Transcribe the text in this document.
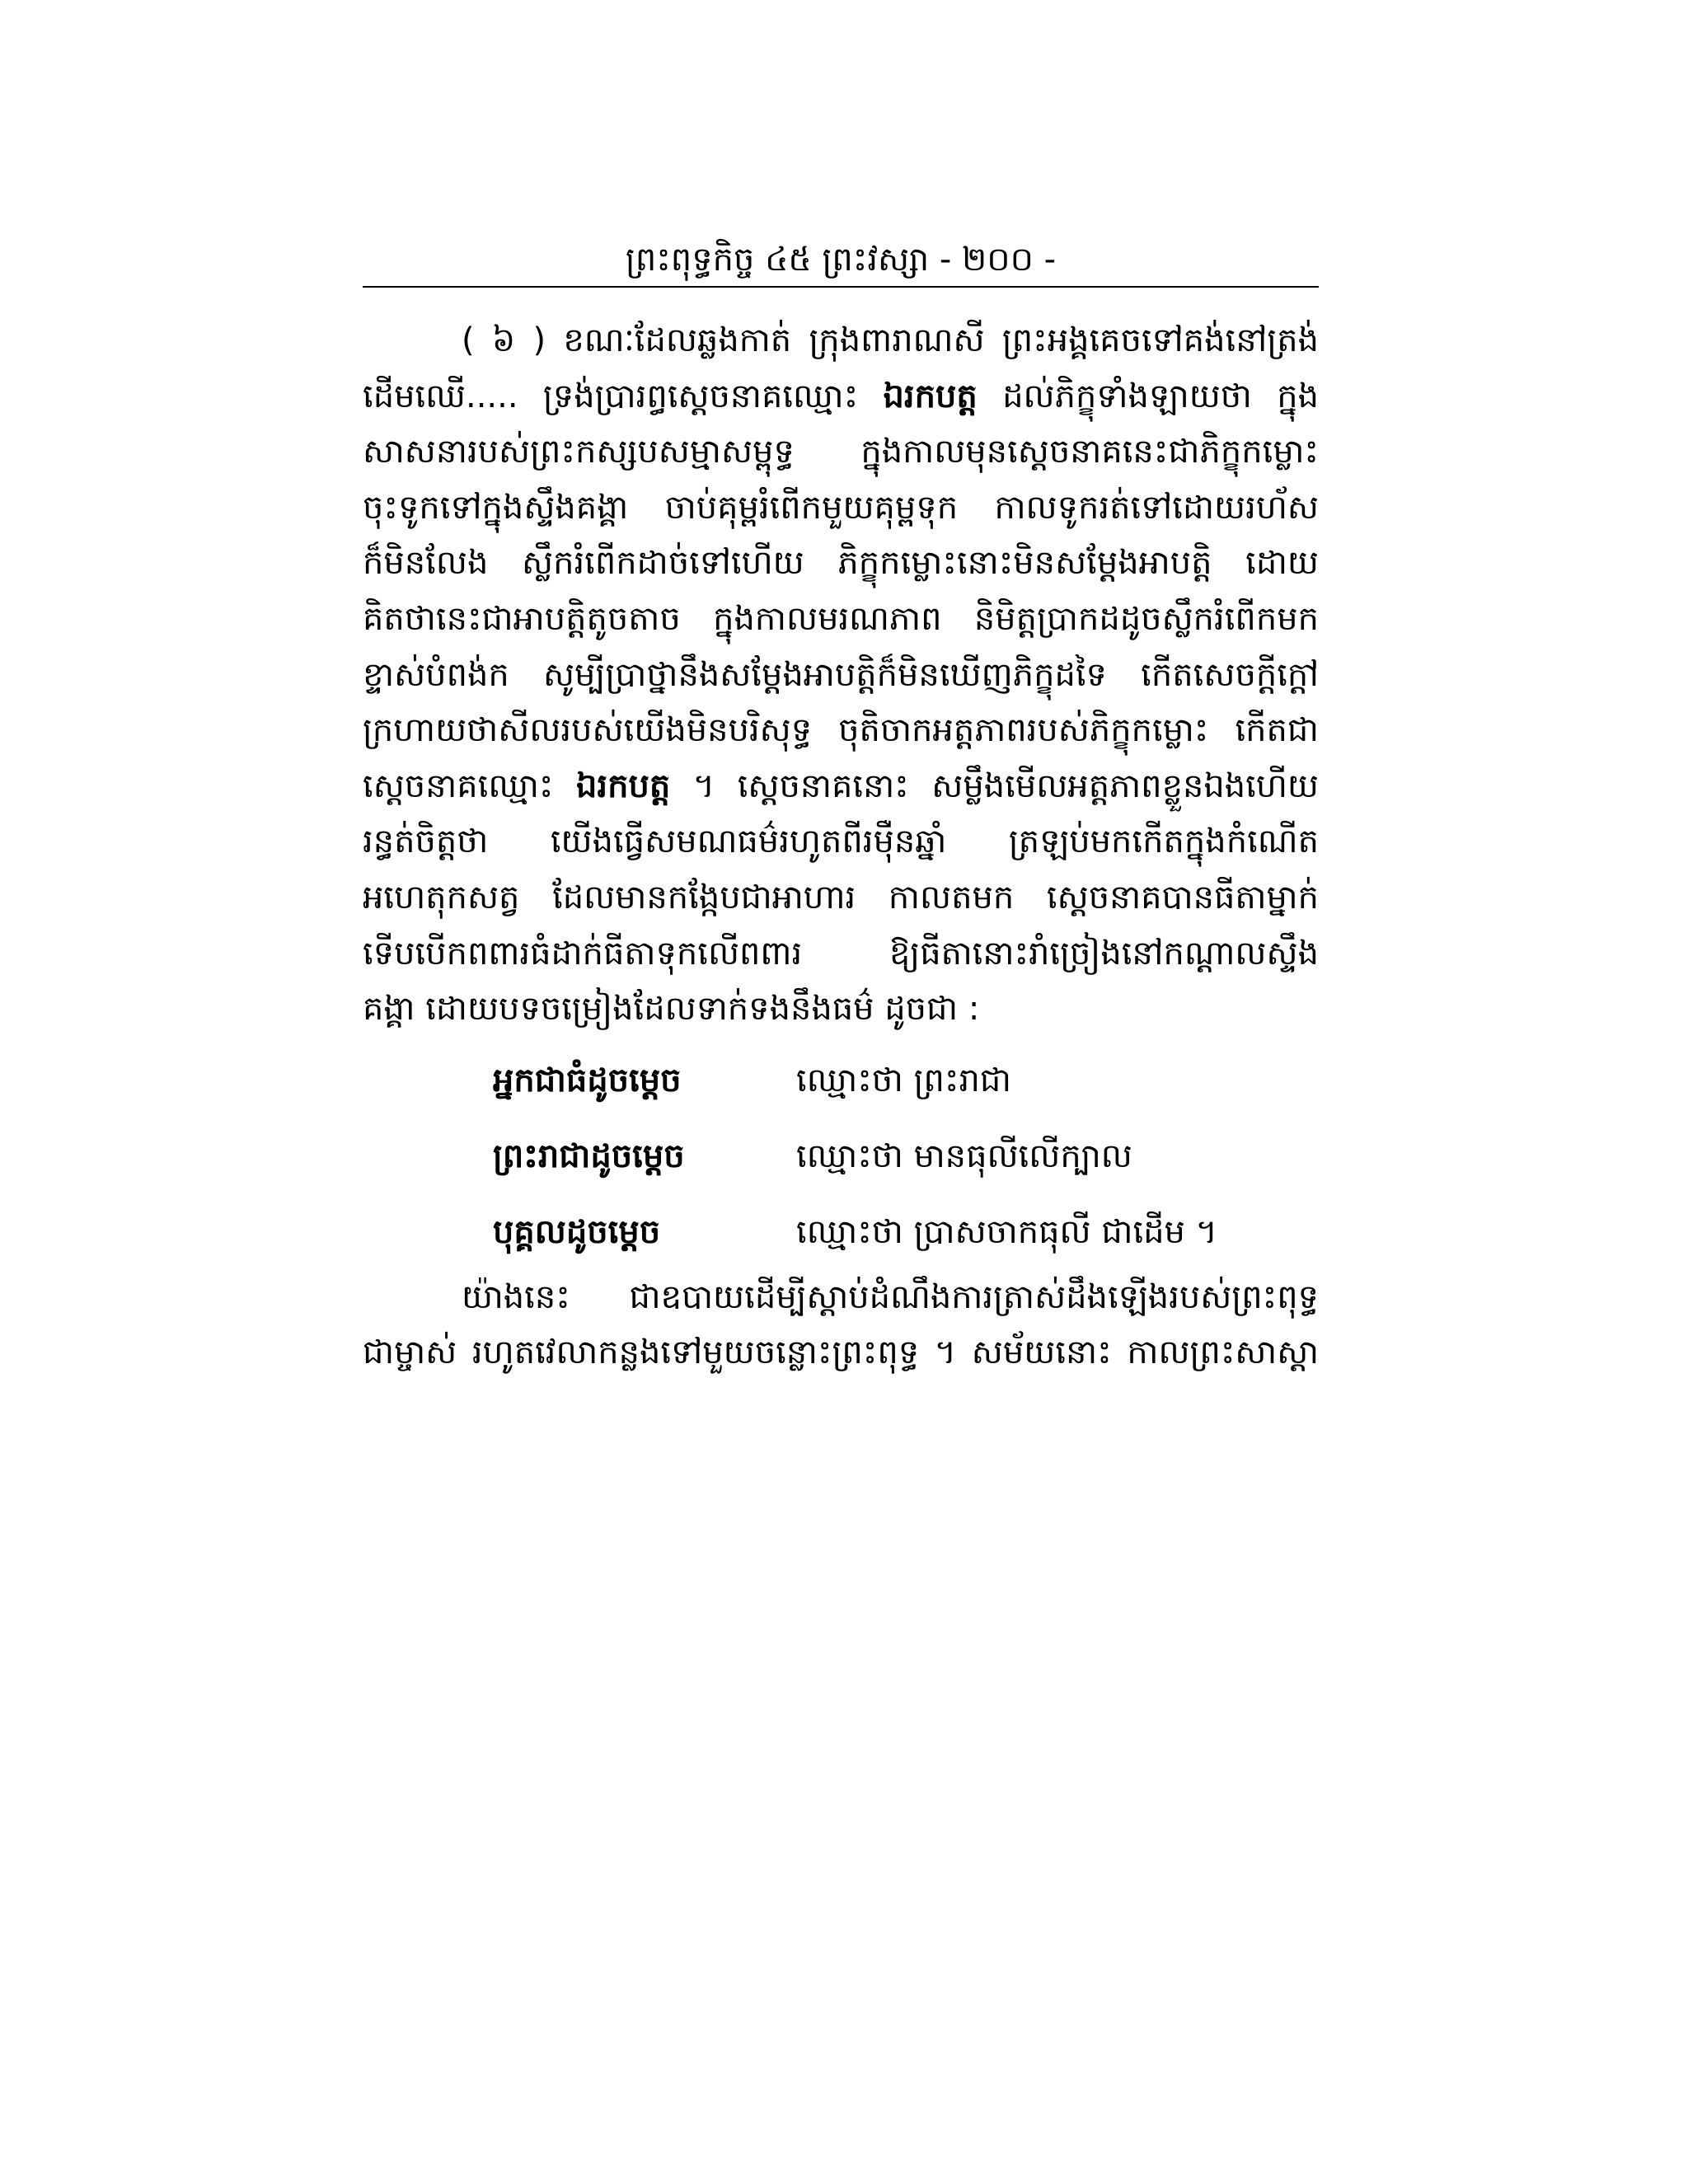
ព្រះពុទ្ធកិច្ច ៤៥ ព្រះវស្សា - ២០០ -
( ៦ ) ខណៈដែលឆ្លងកាត់ ក្រុងពារាណសី ព្រះអង្គគេចទៅគង់នៅត្រង់
ដើមឈើ..... ទ្រង់ប្រារព្ធស្តេចនាគឈ្មោះ ឯរកបត្ត ដល់ភិក្ខុទាំងឡាយថា ក្នុង
សាសនារបស់ព្រះកស្សបសម្មាសម្ពុទ្ធ ក្នុងកាលមុនស្តេចនាគនេះជាភិក្ខុកម្លោះ
ចុះទូកទៅក្នុងស្ទឹងគង្គា ចាប់គុម្ពរំពើកមួយគុម្ពទុក កាលទូករត់ទៅដោយរហ័ស
ក៏មិនលែង ស្លឹករំពើកដាច់ទៅហើយ ភិក្ខុកម្លោះនោះមិនសម្តែងអាបត្តិ ដោយ
គិតថានេះជាអាបត្តិតូចតាច ក្នុងកាលមរណភាព និមិត្តប្រាកដដូចស្លឹករំពើកមក
ខ្ទាស់បំពង់ក សូម្បីប្រាថ្នានឹងសម្តែងអាបត្តិក៏មិនឃើញភិក្ខុដទៃ កើតសេចក្តីក្តៅ
ក្រហាយថាសីលរបស់យើងមិនបរិសុទ្ធ ចុតិចាកអត្តភាពរបស់ភិក្ខុកម្លោះ កើតជា
ស្តេចនាគឈ្មោះ ឯរកបត្ត ។ ស្តេចនាគនោះ សម្លឹងមើលអត្តភាពខ្លួនឯងហើយ
រន្ធត់ចិត្តថា យើងធ្វើសមណធម៌រហូតពីរម៉ឺនឆ្នាំ ត្រឡប់មកកើតក្នុងកំណើត
អហេតុកសត្វ ដែលមានកង្កែបជាអាហារ កាលតមក ស្តេចនាគបានធីតាម្នាក់
ទើបបើកពពារធំដាក់ធីតាទុកលើពពារ ឱ្យធីតានោះរាំច្រៀងនៅកណ្តាលស្ទឹង
គង្គា ដោយបទចម្រៀងដែលទាក់ទងនឹងធម៌ ដូចជា :
អ្នកជាធំដូចម្តេច	ឈ្មោះថា ព្រះរាជា
ព្រះរាជាដូចម្តេច	ឈ្មោះថា មានធុលីលើក្បាល
បុគ្គលដូចម្តេច	ឈ្មោះថា ប្រាសចាកធុលី ជាដើម ។
យ៉ាងនេះ ជាឧបាយដើម្បីស្តាប់ដំណឹងការត្រាស់ដឹងឡើងរបស់ព្រះពុទ្ធ
ជាម្ចាស់ រហូតវេលាកន្លងទៅមួយចន្លោះព្រះពុទ្ធ ។ សម័យនោះ កាលព្រះសាស្តា
